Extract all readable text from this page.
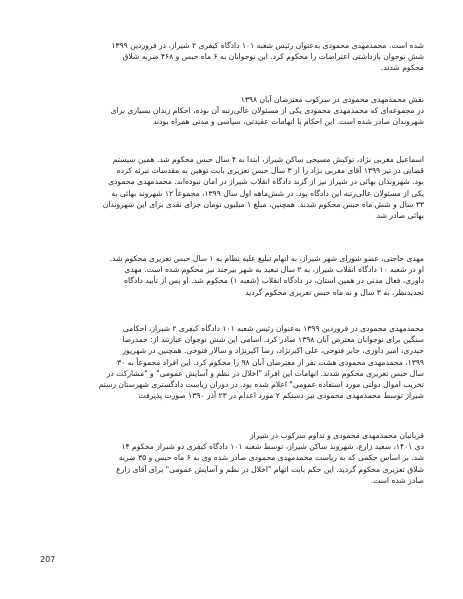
شده است. محمدمهدی محمودی به‌عنوان رئیس شعبه ۱۰۱ دادگاه کیفری ۲ شیراز، در فروردین ۱۳۹۹
شش نوجوان بازداشتی اعتراضات را محکوم کرد. این نوجوانان به ۶ ماه حبس و ۴۶۸ ضربه شلاق
محکوم شدند.
نقش محمدمهدی محمودی در سرکوب معترضان آبان ۱۳۹۸
در مجموعه‌ای که محمدمهدی محمودی یکی از مسئولان عالی‌رتبه آن بوده، احکام زندان بسیاری برای
شهروندان صادر شده است. این احکام با اتهامات عقیدتی، سیاسی و مدنی همراه بودند
اسماعیل مغربی نژاد، توکیش مسیحی ساکن شیراز، ابتدا به ۴ سال حبس محکوم شد. همین سیستم
قضایی در تیر ۱۳۹۹ آقای مغربی نژاد را از ۳ سال حبس تعزیری بابت توهین به مقدسات تبرئه کرده
بود. شهروندان بهائی در شیراز نیز از گزند دادگاه انقلاب شیراز در امان نبوده‌اند. محمدمهدی محمودی
یکی از مسئولان عالی‌رتبه این دادگاه بود. در شش‌ماهه اول سال ۱۳۹۹، مجموعاً ۱۲ شهروند بهائی به
۳۳ سال و شش ماه حبس محکوم شدند. همچنین، مبلغ ۱ میلیون تومان جزای نقدی برای این شهروندان
بهائی صادر شد
مهدی حاجتی، عضو شورای شهر شیراز، به اتهام تبلیغ علیه نظام به ۱ سال حبس تعزیری محکوم شد.
او در شعبه ۱۰ دادگاه انقلاب شیراز، به ۲ سال تبعید به شهر بیرجند نیز محکوم شده است. مهدی
داوری، فعال مدنی در همین استان، در دادگاه انقلاب (شعبه ۱) محکوم شد. او پس از تأیید دادگاه
تجدیدنظر، به ۳ سال و نه ماه حبس تعزیری محکوم گردید
محمدمهدی محمودی در فروردین ۱۳۹۹ به‌عنوان رئیس شعبه ۱۰۱ دادگاه کیفری ۲ شیراز، احکامی
سنگین برای نوجوانان معترض آبان ۱۳۹۸ صادر کرد. اسامی این شش نوجوان عبارتند از: حمدرضا
حیدری، امیر داوری، جابر فتوحی، علی اکبرنژاد، رضا اکبرنژاد و سالار فتوحی. همچنین در شهریور
۱۳۹۹، محمدمهدی محمودی هشت نفر از معترضان آبان ۹۸ را محکوم کرد. این افراد مجموعاً به ۳۰
سال حبس تعزیری محکوم شدند. اتهامات این افراد "اخلال در نظم و آسایش عمومی" و "مشارکت در
تخریب اموال دولتی مورد استفاده عمومی" اعلام شده بود. در دوران ریاست دادگستری شهرستان رستم
شیراز توسط محمدمهدی محمودی نیز دستکم ۲ مورد اعدام در ۲۳ آذر ۱۳۹۰ صورت پذیرفت
قربانیان محمدمهدی محمودی و تداوم سرکوب در شیراز
دی ۱۴۰۱، سعید زارع، شهروند ساکن شیراز، توسط شعبه ۱۰۱ دادگاه کیفری دو شیراز محکوم ۱۴
شد. بر اساس حکمی که به ریاست محمدمهدی محمودی صادر شده وی به ۶ ماه حبس و ۳۵ ضربه
شلاق تعزیری محکوم گردید. این حکم بابت اتهام "اخلال در نظم و آسایش عمومی" برای آقای زارع
صادر شده است.
207
